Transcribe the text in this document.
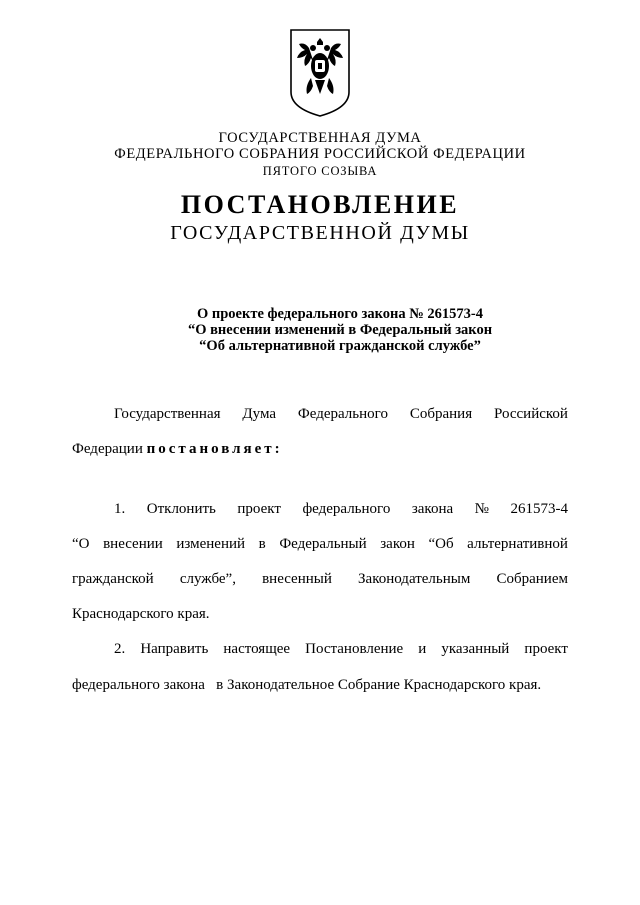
ГОСУДАРСТВЕННАЯ ДУМА
ФЕДЕРАЛЬНОГО СОБРАНИЯ РОССИЙСКОЙ ФЕДЕРАЦИИ
ПЯТОГО СОЗЫВА
ПОСТАНОВЛЕНИЕ
ГОСУДАРСТВЕННОЙ ДУМЫ
О проекте федерального закона № 261573-4
“О внесении изменений в Федеральный закон
“Об альтернативной гражданской службе”
Государственная Дума Федерального Собрания Российской
Федерации постановляет:
1. Отклонить проект федерального закона № 261573-4
“О внесении изменений в Федеральный закон “Об альтернативной
гражданской службе”, внесенный Законодательным Собранием
Краснодарского края.
2. Направить настоящее Постановление и указанный проект
федерального закона   в Законодательное Собрание Краснодарского края.
